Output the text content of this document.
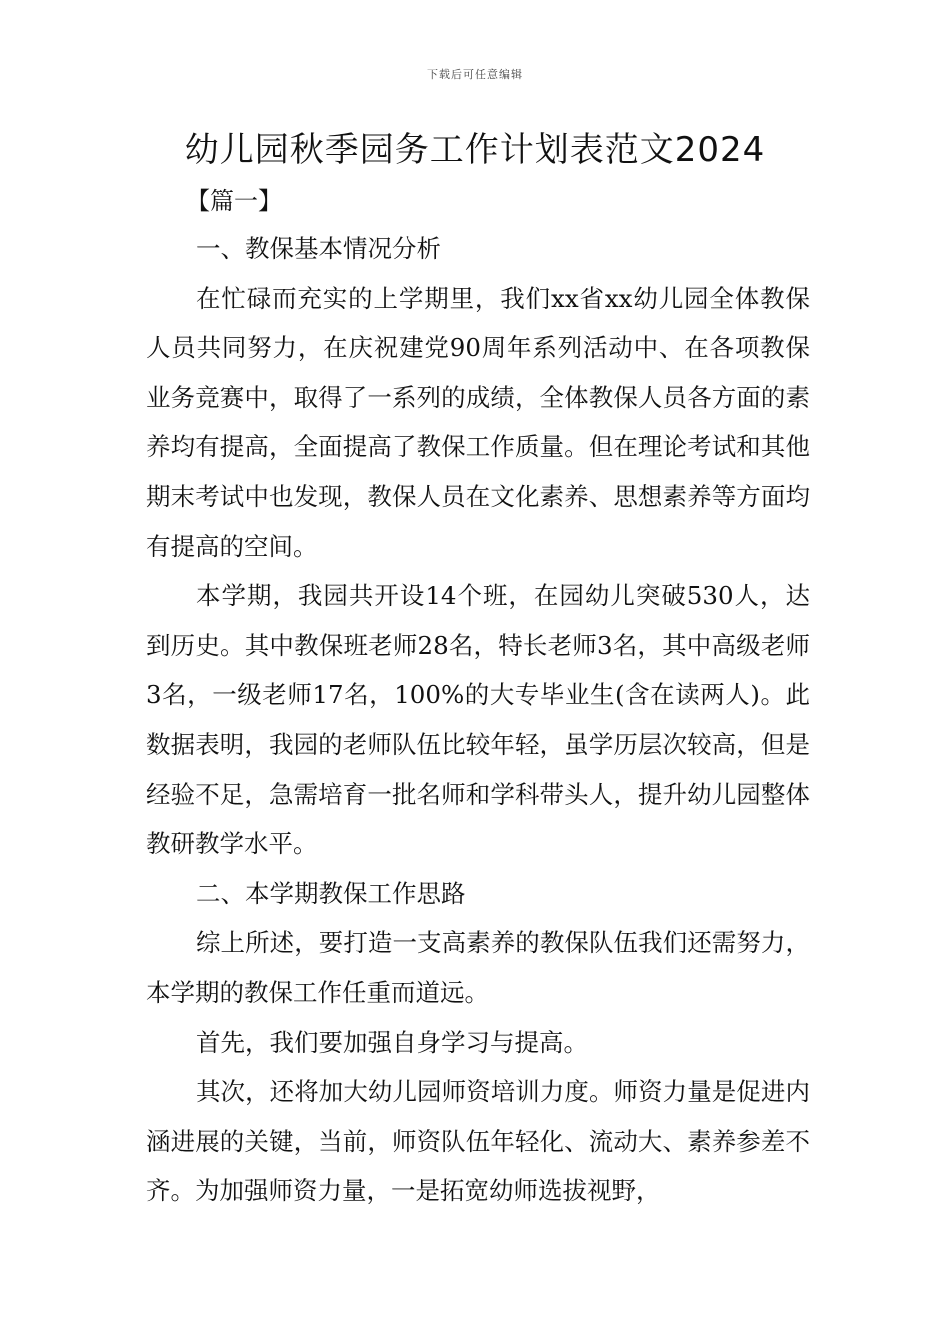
下载后可任意编辑
幼儿园秋季园务工作计划表范文2024

【篇一】

一、教保基本情况分析

在忙碌而充实的上学期里，我们xx省xx幼儿园全体教保人员共同努力，在庆祝建党90周年系列活动中、在各项教保业务竞赛中，取得了一系列的成绩，全体教保人员各方面的素养均有提高，全面提高了教保工作质量。但在理论考试和其他期末考试中也发现，教保人员在文化素养、思想素养等方面均有提高的空间。

本学期，我园共开设14个班，在园幼儿突破530人，达到历史。其中教保班老师28名，特长老师3名，其中高级老师3名，一级老师17名，100%的大专毕业生(含在读两人)。此数据表明，我园的老师队伍比较年轻，虽学历层次较高，但是经验不足，急需培育一批名师和学科带头人，提升幼儿园整体教研教学水平。

二、本学期教保工作思路

综上所述，要打造一支高素养的教保队伍我们还需努力，本学期的教保工作任重而道远。

首先，我们要加强自身学习与提高。

其次，还将加大幼儿园师资培训力度。师资力量是促进内涵进展的关键，当前，师资队伍年轻化、流动大、素养参差不齐。为加强师资力量，一是拓宽幼师选拔视野，
